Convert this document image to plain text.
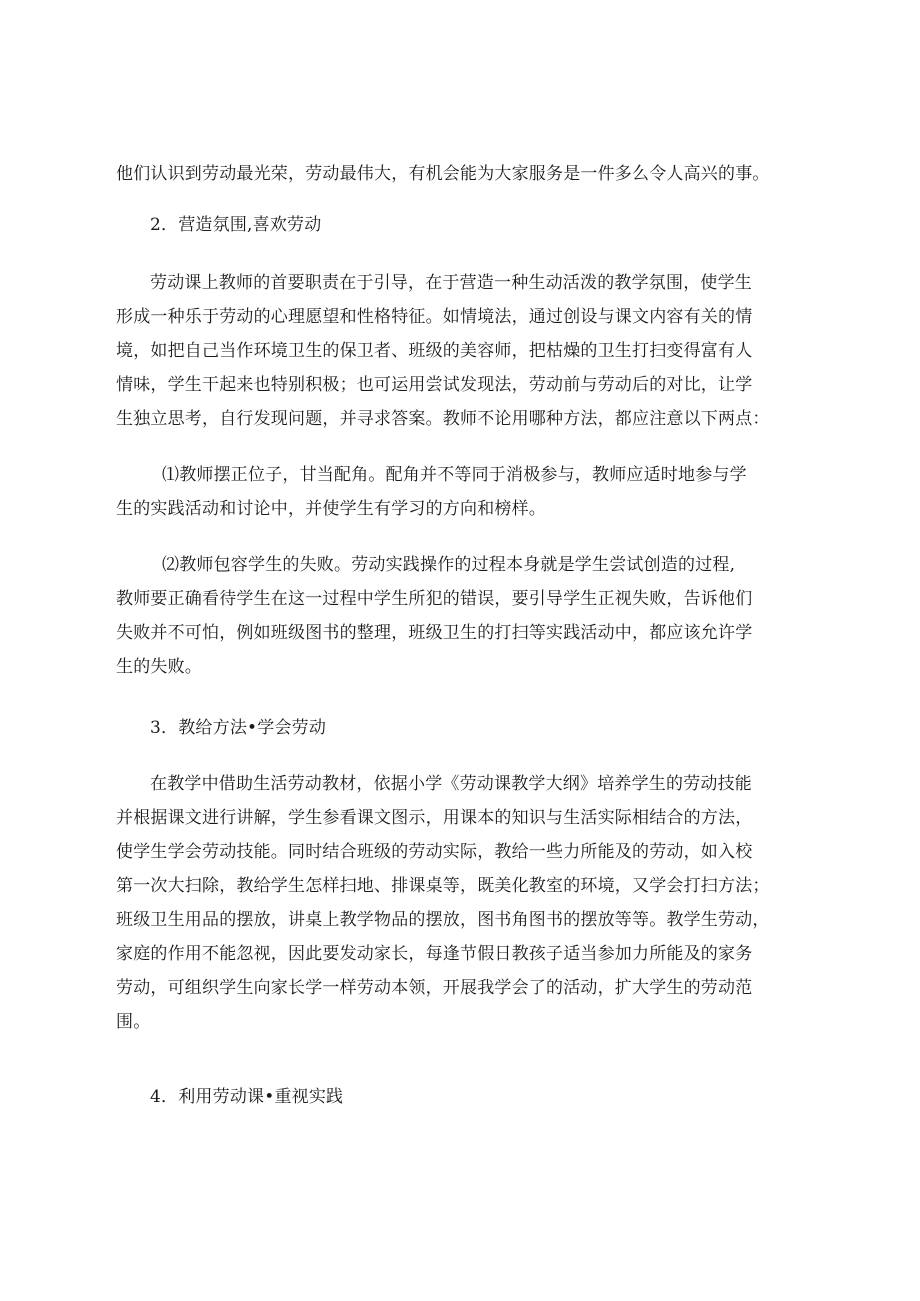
他们认识到劳动最光荣，劳动最伟大，有机会能为大家服务是一件多么令人高兴的事。
2．营造氛围,喜欢劳动
劳动课上教师的首要职责在于引导，在于营造一种生动活泼的教学氛围，使学生
形成一种乐于劳动的心理愿望和性格特征。如情境法，通过创设与课文内容有关的情
境，如把自己当作环境卫生的保卫者、班级的美容师，把枯燥的卫生打扫变得富有人
情味，学生干起来也特别积极；也可运用尝试发现法，劳动前与劳动后的对比，让学
生独立思考，自行发现问题，并寻求答案。教师不论用哪种方法，都应注意以下两点：
⑴教师摆正位子，甘当配角。配角并不等同于消极参与，教师应适时地参与学
生的实践活动和讨论中，并使学生有学习的方向和榜样。
⑵教师包容学生的失败。劳动实践操作的过程本身就是学生尝试创造的过程,
教师要正确看待学生在这一过程中学生所犯的错误，要引导学生正视失败，告诉他们
失败并不可怕，例如班级图书的整理，班级卫生的打扫等实践活动中，都应该允许学
生的失败。
3．教给方法•学会劳动
在教学中借助生活劳动教材，依据小学《劳动课教学大纲》培养学生的劳动技能
并根据课文进行讲解，学生参看课文图示，用课本的知识与生活实际相结合的方法，
使学生学会劳动技能。同时结合班级的劳动实际，教给一些力所能及的劳动，如入校
第一次大扫除，教给学生怎样扫地、排课桌等，既美化教室的环境，又学会打扫方法；
班级卫生用品的摆放，讲桌上教学物品的摆放，图书角图书的摆放等等。教学生劳动，
家庭的作用不能忽视，因此要发动家长，每逢节假日教孩子适当参加力所能及的家务
劳动，可组织学生向家长学一样劳动本领，开展我学会了的活动，扩大学生的劳动范
围。
4．利用劳动课•重视实践
